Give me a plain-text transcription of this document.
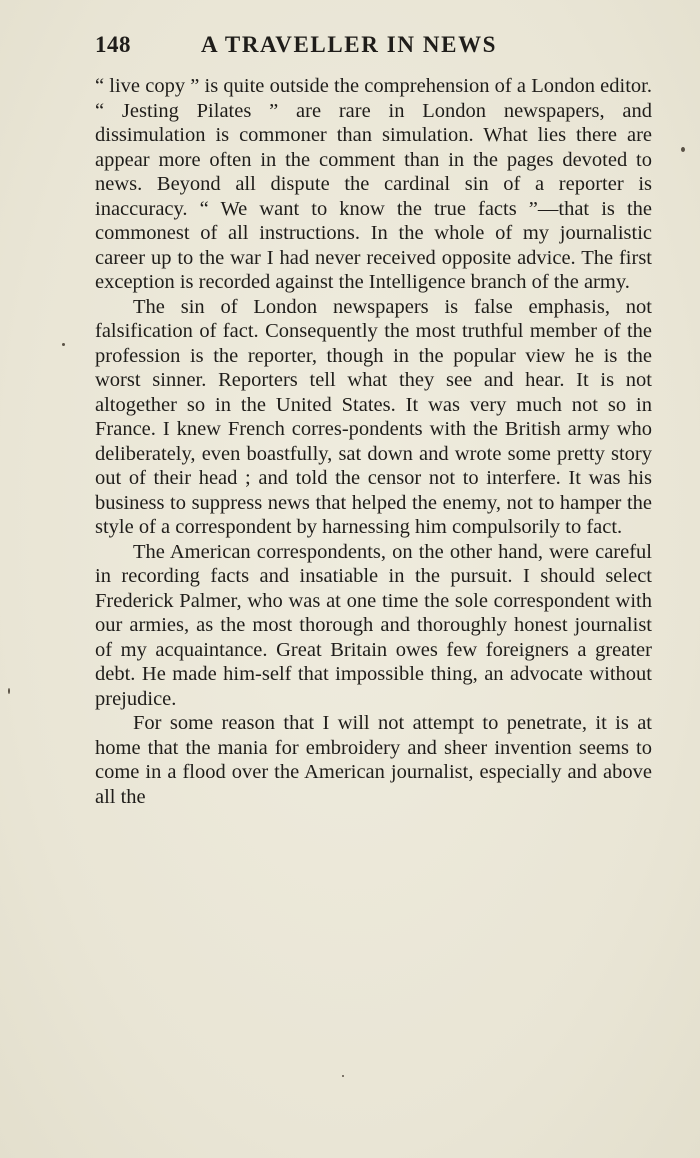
148	A TRAVELLER IN NEWS

“ live copy ” is quite outside the comprehension of a London editor. “ Jesting Pilates ” are rare in London newspapers, and dissimulation is commoner than simulation. What lies there are appear more often in the comment than in the pages devoted to news. Beyond all dispute the cardinal sin of a reporter is inaccuracy. “ We want to know the true facts ”—that is the commonest of all instructions. In the whole of my journalistic career up to the war I had never received opposite advice. The first exception is recorded against the Intelligence branch of the army.

The sin of London newspapers is false emphasis, not falsification of fact. Consequently the most truthful member of the profession is the reporter, though in the popular view he is the worst sinner. Reporters tell what they see and hear. It is not altogether so in the United States. It was very much not so in France. I knew French corres-pondents with the British army who deliberately, even boastfully, sat down and wrote some pretty story out of their head ; and told the censor not to interfere. It was his business to suppress news that helped the enemy, not to hamper the style of a correspondent by harnessing him compulsorily to fact.

The American correspondents, on the other hand, were careful in recording facts and insatiable in the pursuit. I should select Frederick Palmer, who was at one time the sole correspondent with our armies, as the most thorough and thoroughly honest journalist of my acquaintance. Great Britain owes few foreigners a greater debt. He made him-self that impossible thing, an advocate without prejudice.

For some reason that I will not attempt to penetrate, it is at home that the mania for embroidery and sheer invention seems to come in a flood over the American journalist, especially and above all the
